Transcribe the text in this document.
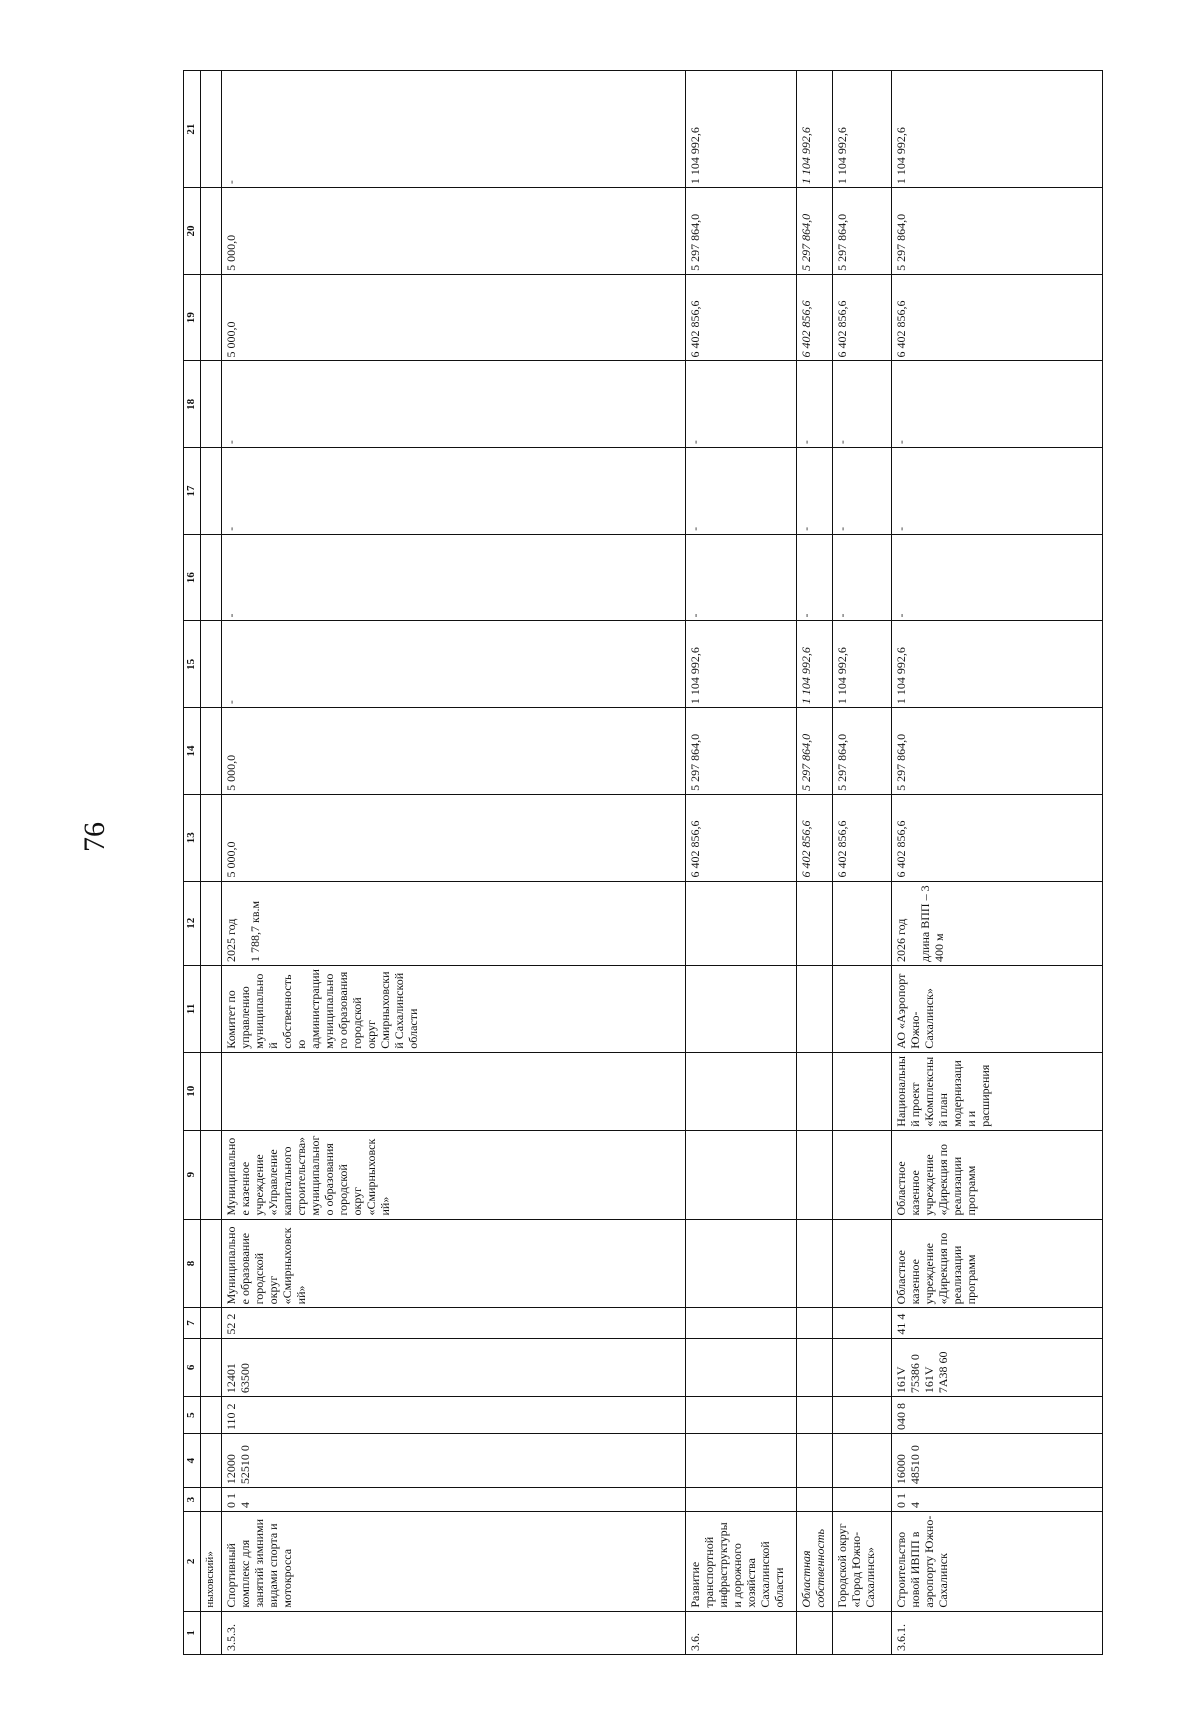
76
1	2	3	4	5	6	7	8	9	10	11	12	13	14	15	16	17	18	19	20	21
	ныховский»																			
3.5.3.	Спортивный комплекс для занятий зимними видами спорта и мотокросса	0 1 4	12000 52510 0	110 2	12401 63500	52 2	Муниципальное образование городской округ «Смирныховский»	Муниципальное казенное учреждение «Управление капитального строительства» муниципального образования городской округ «Смирныховский»		Комитет по управлению муниципальной собственностью администрации муниципального образования городской округ Смирныховский Сахалинской области	2025 год 1 788,7 кв.м	5 000,0	5 000,0	-	-	-	-	5 000,0	5 000,0	-
3.6.	Развитие транспортной инфраструктуры и дорожного хозяйства Сахалинской области											6 402 856,6	5 297 864,0	1 104 992,6	-	-	-	6 402 856,6	5 297 864,0	1 104 992,6
	Областная собственность											6 402 856,6	5 297 864,0	1 104 992,6	-	-	-	6 402 856,6	5 297 864,0	1 104 992,6
	Городской округ «Город Южно-Сахалинск»											6 402 856,6	5 297 864,0	1 104 992,6	-	-	-	6 402 856,6	5 297 864,0	1 104 992,6
3.6.1.	Строительство новой ИВПП в аэропорту Южно-Сахалинск	0 1 4	16000 48510 0	040 8	161V 75386 0 161V 7А38 60	41 4	Областное казенное учреждение «Дирекция по реализации программ	Областное казенное учреждение «Дирекция по реализации программ	Национальный проект «Комплексный план модернизации и расширения	АО «Аэропорт Южно-Сахалинск»	2026 год длина ВПП – 3 400 м	6 402 856,6	5 297 864,0	1 104 992,6	-	-	-	6 402 856,6	5 297 864,0	1 104 992,6
